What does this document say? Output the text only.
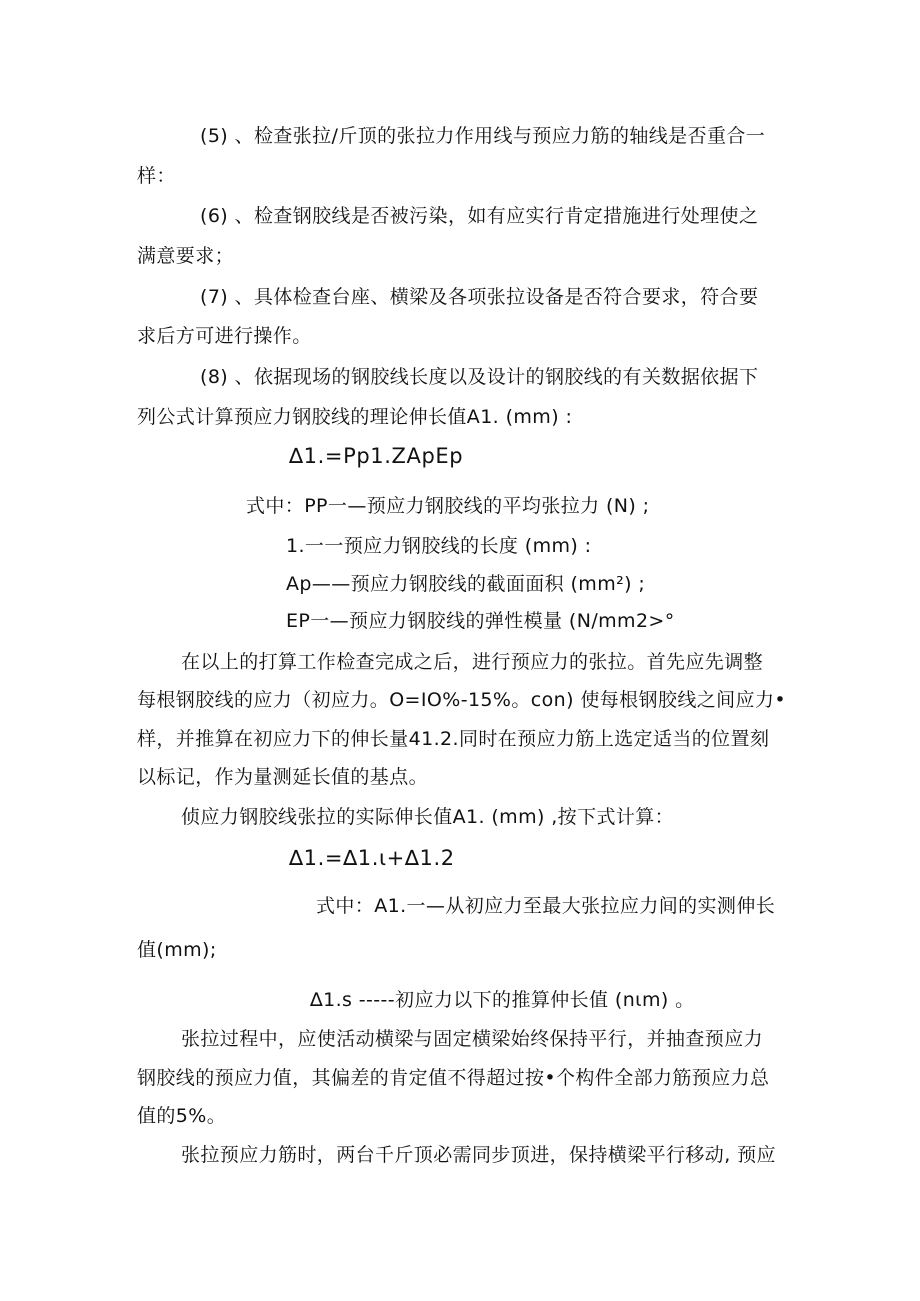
(5) 、检查张拉/斤顶的张拉力作用线与预应力筋的轴线是否重合一
样：
(6) 、检查钢胶线是否被污染，如有应实行肯定措施进行处理使之
满意要求；
(7) 、具体检查台座、横梁及各项张拉设备是否符合要求，符合要
求后方可进行操作。
(8) 、依据现场的钢胶线长度以及设计的钢胶线的有关数据依据下
列公式计算预应力钢胶线的理论伸长值A1. (mm) :
∆1.=Pp1.ZApEp
式中：PP一—预应力钢胶线的平均张拉力 (N) ;
1.一一预应力钢胶线的长度 (mm) :
Ap——预应力钢胶线的截面面积 (mm²) ;
EP一—预应力钢胶线的弹性模量 (N∕mm2>°
在以上的打算工作检查完成之后，进行预应力的张拉。首先应先调整
每根钢胶线的应力（初应力。O=IO%-15%。con) 使每根钢胶线之间应力•
样，并推算在初应力下的伸长量41.2.同时在预应力筋上选定适当的位置刻
以标记，作为量测延长值的基点。
侦应力钢胶线张拉的实际伸长值A1. (mm) ,按下式计算：
∆1.=∆1.ι+∆1.2
式中：A1.一—从初应力至最大张拉应力间的实测伸长
值(mm);
∆1.s -----初应力以下的推算仲长值 (nιm) 。
张拉过程中，应使活动横梁与固定横梁始终保持平行，并抽查预应力
钢胶线的预应力值，其偏差的肯定值不得超过按•个构件全部力筋预应力总
值的5%。
张拉预应力筋时，两台千斤顶必需同步顶进，保持横梁平行移动, 预应
